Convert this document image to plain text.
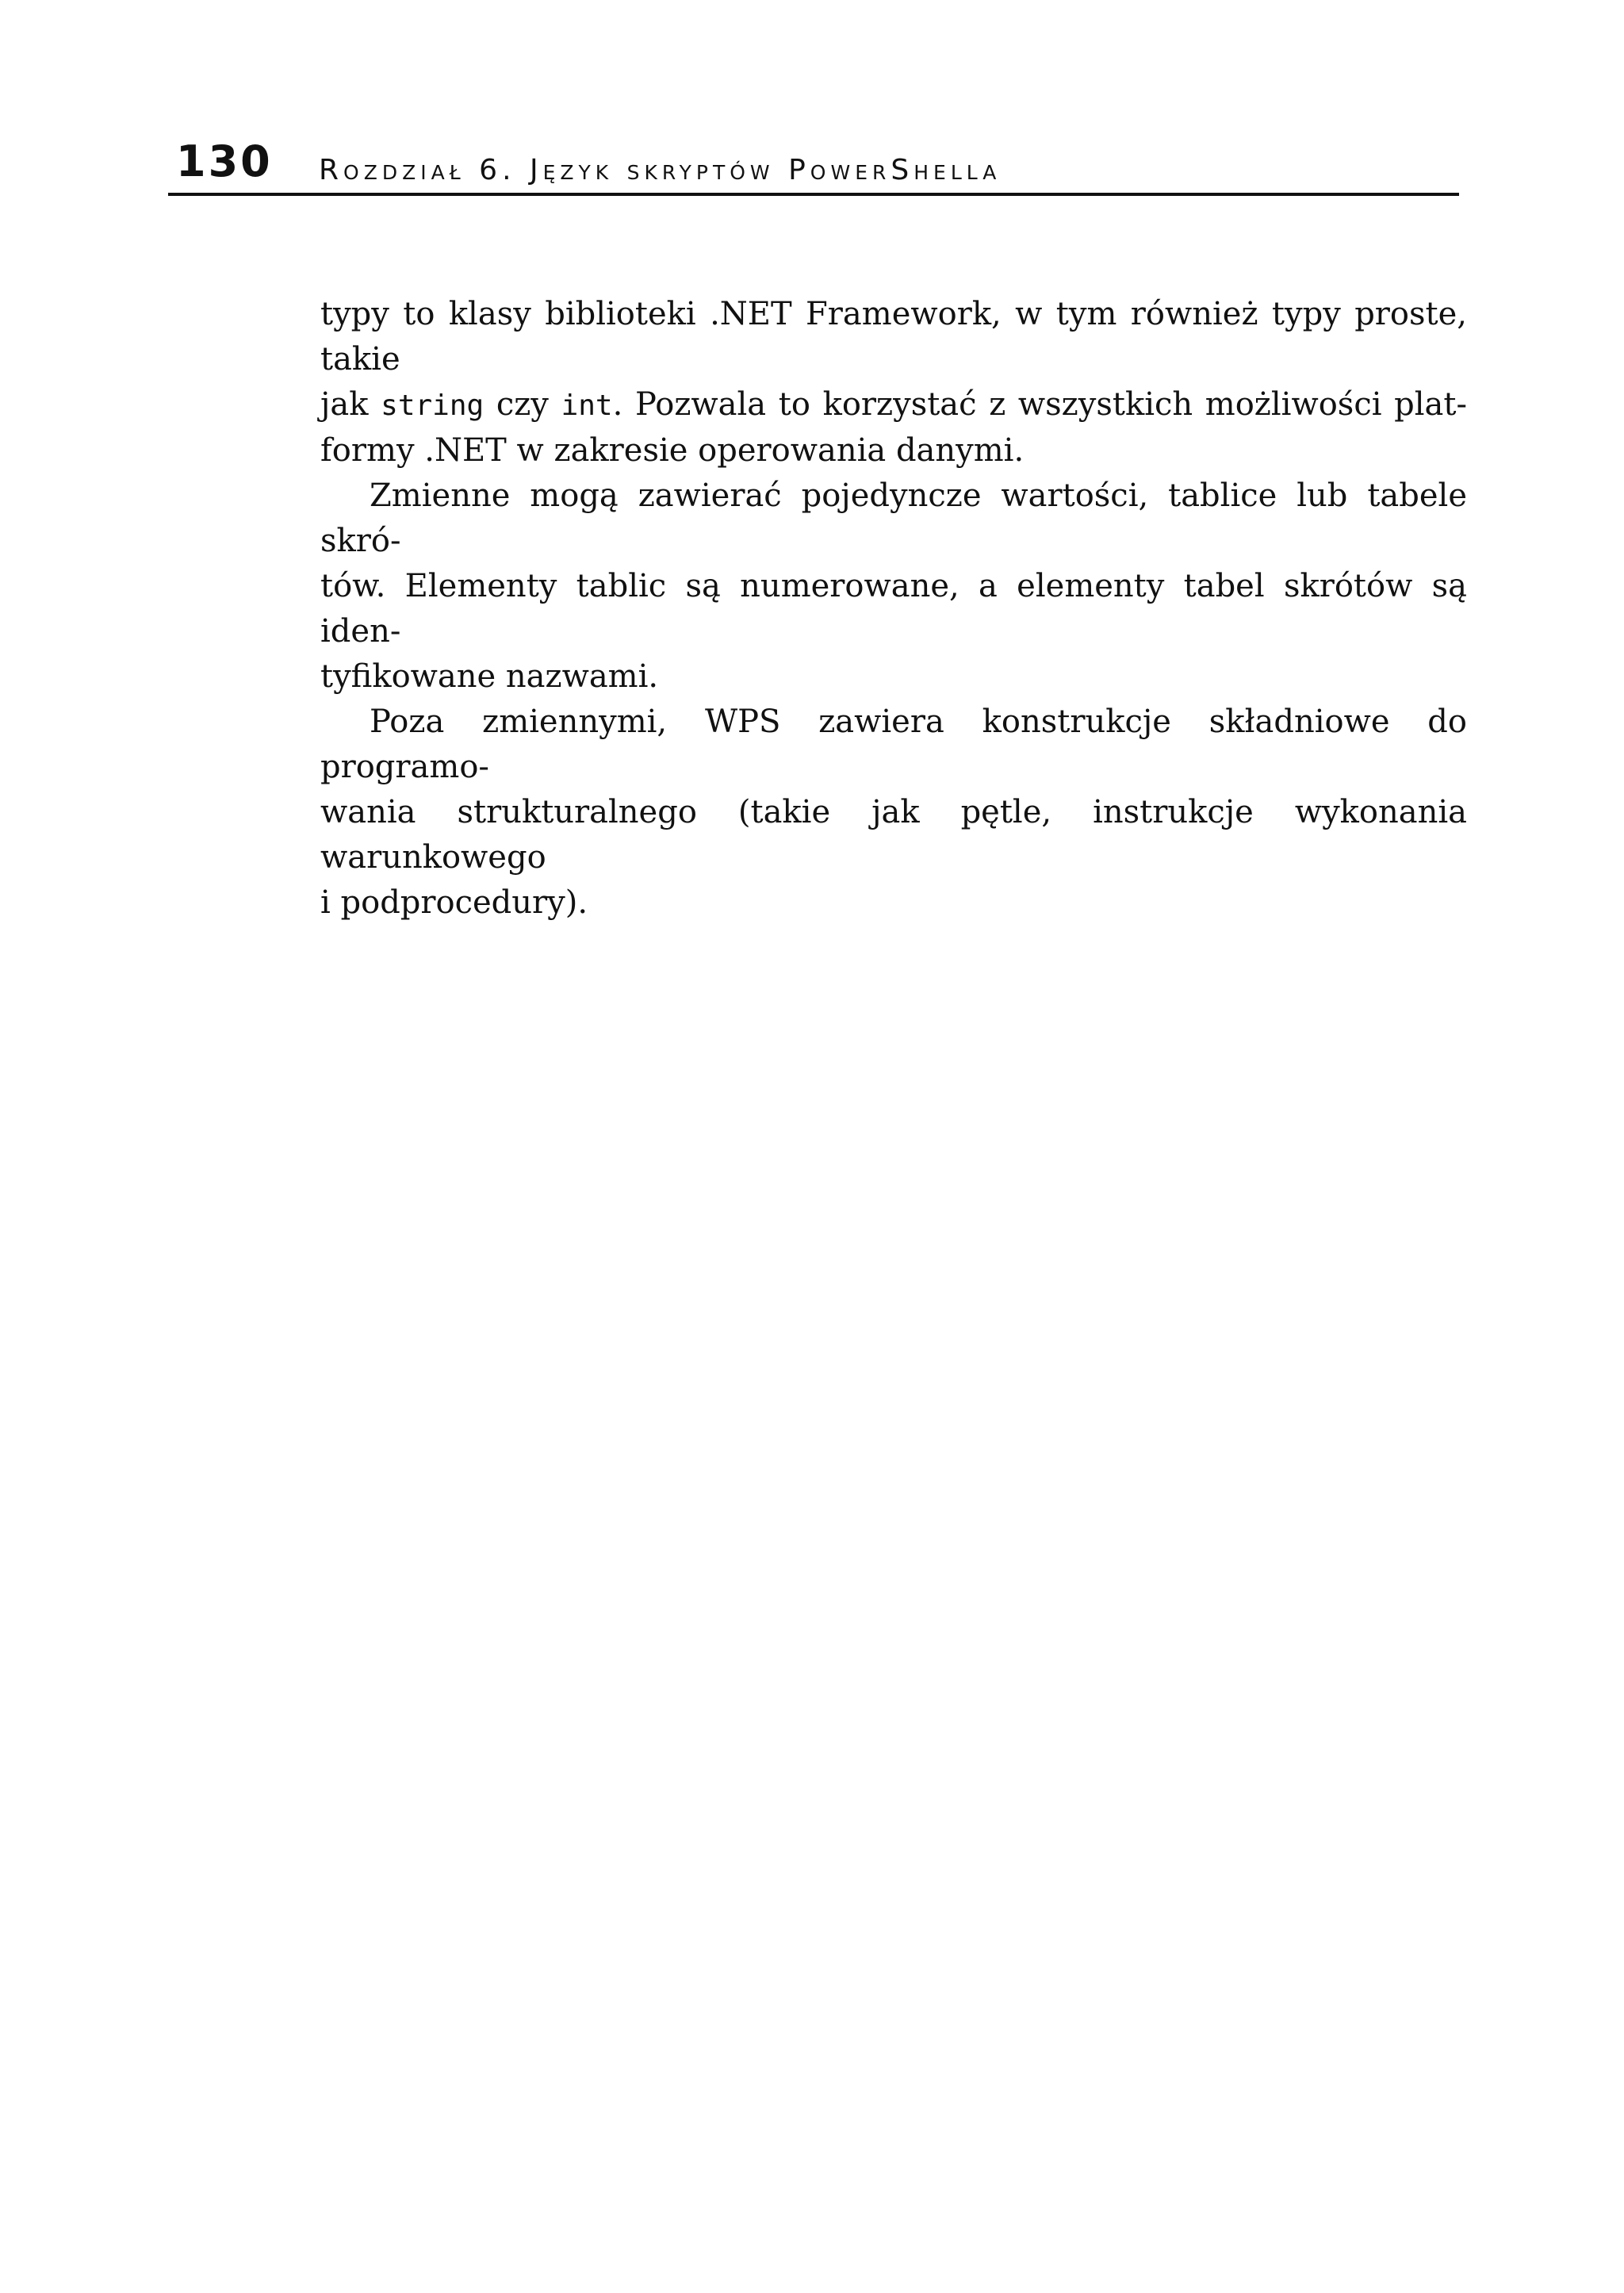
130 Rozdział 6. Język skryptów PowerShella

typy to klasy biblioteki .NET Framework, w tym również typy proste, takie
jak string czy int. Pozwala to korzystać z wszystkich możliwości plat-
formy .NET w zakresie operowania danymi.

Zmienne mogą zawierać pojedyncze wartości, tablice lub tabele skró-
tów. Elementy tablic są numerowane, a elementy tabel skrótów są iden-
tyfikowane nazwami.

Poza zmiennymi, WPS zawiera konstrukcje składniowe do programo-
wania strukturalnego (takie jak pętle, instrukcje wykonania warunkowego
i podprocedury).
